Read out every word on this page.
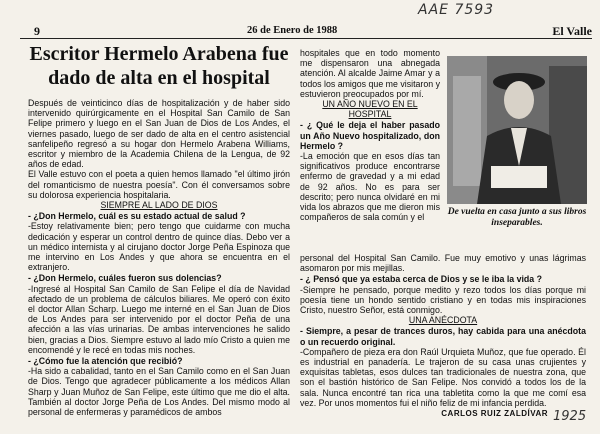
AAE 7593
9	26 de Enero de 1988	El Valle
Escritor Hermelo Arabena fue dado de alta en el hospital

Después de veinticinco días de hospitalización y de haber sido intervenido quirúrgicamente en el Hospital San Camilo de San Felipe primero y luego en el San Juan de Dios de Los Andes, el viernes pasado, luego de ser dado de alta en el centro asistencial sanfelipeño regresó a su hogar don Hermelo Arabena Williams, escritor y miembro de la Academia Chilena de la Lengua, de 92 años de edad.

El Valle estuvo con el poeta a quien hemos llamado "el último jirón del romanticismo de nuestra poesía". Con él conversamos sobre su dolorosa experiencia hospitalaria.

SIEMPRE AL LADO DE DIOS

- ¿Don Hermelo, cuál es su estado actual de salud ?

-Estoy relativamente bien; pero tengo que cuidarme con mucha dedicación y esperar un control dentro de quince días. Debo ver a un médico internista y al cirujano doctor Jorge Peña Espinoza que me intervino en Los Andes y que ahora se encuentra en el extranjero.

- ¿Don Hermelo, cuáles fueron sus dolencias?

-Ingresé al Hospital San Camilo de San Felipe el día de Navidad afectado de un problema de cálculos biliares. Me operó con éxito el doctor Allan Scharp. Luego me interné en el San Juan de Dios de Los Andes para ser intervenido por el doctor Peña de una afección a las vías urinarias. De ambas intervenciones he salido bien, gracias a Dios. Siempre estuvo al lado mío Cristo a quien me encomendé y le recé en todas mis noches.

- ¿Cómo fue la atención que recibió?

-Ha sido a cabalidad, tanto en el San Camilo como en el San Juan de Dios. Tengo que agradecer públicamente a los médicos Allan Sharp y Juan Muñoz de San Felipe, este último que me dio el alta. También al doctor Jorge Peña de Los Andes. Del mismo modo al personal de enfermeras y paramédicos de ambos

hospitales que en todo momento me dispensaron una abnegada atención. Al alcalde Jaime Amar y a todos los amigos que me visitaron y estuvieron preocupados por mí.

UN AÑO NUEVO EN EL HOSPITAL

- ¿ Qué le deja el haber pasado un Año Nuevo hospitalizado, don Hermelo ?

-La emoción que en esos días tan significativos produce encontrarse enfermo de gravedad y a mi edad de 92 años. No es para ser descrito; pero nunca olvidaré en mi vida los abrazos que me dieron mis compañeros de sala común y el

De vuelta en casa junto a sus libros inseparables.

personal del Hospital San Camilo. Fue muy emotivo y unas lágrimas asomaron por mis mejillas.

- ¿ Pensó que ya estaba cerca de Dios y se le iba la vida ?

-Siempre he pensado, porque medito y rezo todos los días porque mi poesía tiene un hondo sentido cristiano y en todas mis inspiraciones Cristo, nuestro Señor, está conmigo.

UNA ANÉCDOTA

- Siempre, a pesar de trances duros, hay cabida para una anécdota o un recuerdo original.

-Compañero de pieza era don Raúl Urquieta Muñoz, que fue operado. Él es industrial en panadería. Le trajeron de su casa unas crujientes y exquisitas tabletas, esos dulces tan tradicionales de nuestra zona, que son el bastión histórico de San Felipe. Nos convidó a todos los de la sala. Nunca encontré tan rica una tabletita como la que me comí esa vez. Por unos momentos fui el niño feliz de mi infancia perdida.

CARLOS RUIZ ZALDÍVAR 1925
